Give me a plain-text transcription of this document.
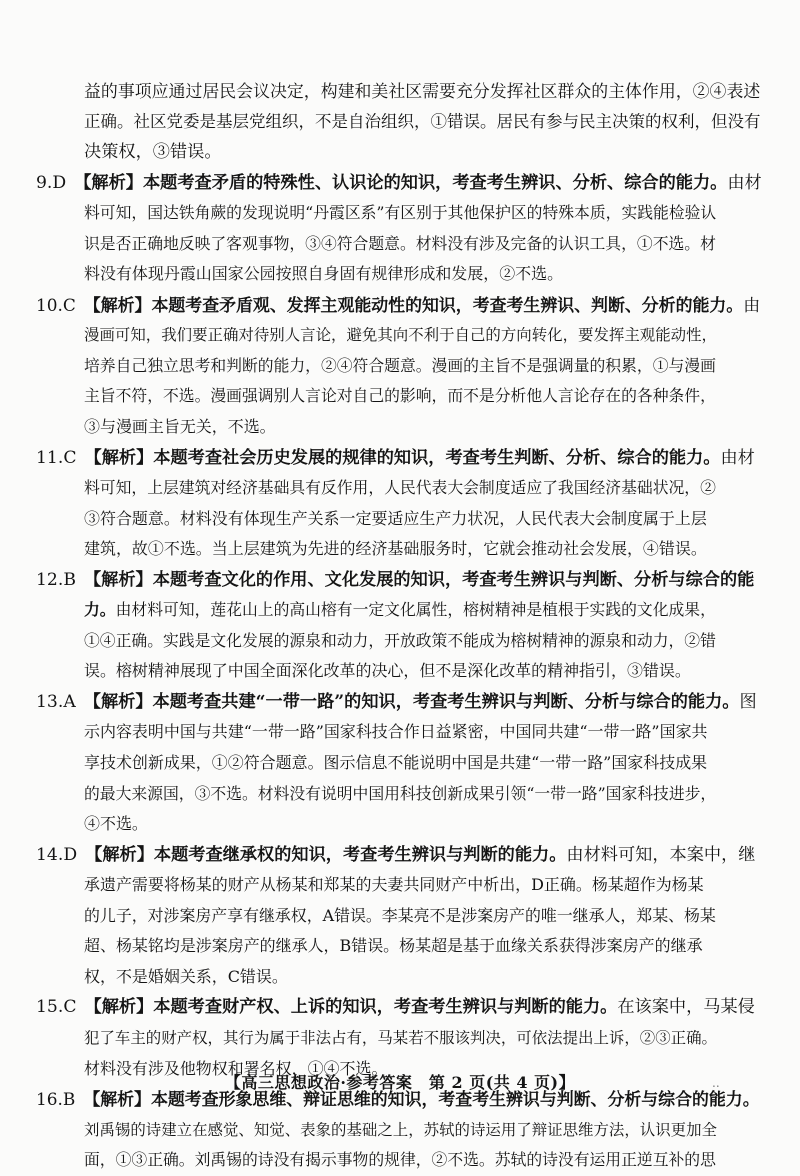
益的事项应通过居民会议决定，构建和美社区需要充分发挥社区群众的主体作用，②④表述
正确。社区党委是基层党组织，不是自治组织，①错误。居民有参与民主决策的权利，但没有
决策权，③错误。
9.D 【解析】本题考查矛盾的特殊性、认识论的知识，考查考生辨识、分析、综合的能力。由材
料可知，国达铁角蕨的发现说明“丹霞区系”有区别于其他保护区的特殊本质，实践能检验认
识是否正确地反映了客观事物，③④符合题意。材料没有涉及完备的认识工具，①不选。材
料没有体现丹霞山国家公园按照自身固有规律形成和发展，②不选。
10.C 【解析】本题考查矛盾观、发挥主观能动性的知识，考查考生辨识、判断、分析的能力。由
漫画可知，我们要正确对待别人言论，避免其向不利于自己的方向转化，要发挥主观能动性，
培养自己独立思考和判断的能力，②④符合题意。漫画的主旨不是强调量的积累，①与漫画
主旨不符，不选。漫画强调别人言论对自己的影响，而不是分析他人言论存在的各种条件，
③与漫画主旨无关，不选。
11.C 【解析】本题考查社会历史发展的规律的知识，考查考生判断、分析、综合的能力。由材
料可知，上层建筑对经济基础具有反作用，人民代表大会制度适应了我国经济基础状况，②
③符合题意。材料没有体现生产关系一定要适应生产力状况，人民代表大会制度属于上层
建筑，故①不选。当上层建筑为先进的经济基础服务时，它就会推动社会发展，④错误。
12.B 【解析】本题考查文化的作用、文化发展的知识，考查考生辨识与判断、分析与综合的能
力。由材料可知，莲花山上的高山榕有一定文化属性，榕树精神是植根于实践的文化成果，
①④正确。实践是文化发展的源泉和动力，开放政策不能成为榕树精神的源泉和动力，②错
误。榕树精神展现了中国全面深化改革的决心，但不是深化改革的精神指引，③错误。
13.A 【解析】本题考查共建“一带一路”的知识，考查考生辨识与判断、分析与综合的能力。图
示内容表明中国与共建“一带一路”国家科技合作日益紧密，中国同共建“一带一路”国家共
享技术创新成果，①②符合题意。图示信息不能说明中国是共建“一带一路”国家科技成果
的最大来源国，③不选。材料没有说明中国用科技创新成果引领“一带一路”国家科技进步，
④不选。
14.D 【解析】本题考查继承权的知识，考查考生辨识与判断的能力。由材料可知，本案中，继
承遗产需要将杨某的财产从杨某和郑某的夫妻共同财产中析出，D正确。杨某超作为杨某
的儿子，对涉案房产享有继承权，A错误。李某亮不是涉案房产的唯一继承人，郑某、杨某
超、杨某铭均是涉案房产的继承人，B错误。杨某超是基于血缘关系获得涉案房产的继承
权，不是婚姻关系，C错误。
15.C 【解析】本题考查财产权、上诉的知识，考查考生辨识与判断的能力。在该案中，马某侵
犯了车主的财产权，其行为属于非法占有，马某若不服该判决，可依法提出上诉，②③正确。
材料没有涉及他物权和署名权，①④不选。
16.B 【解析】本题考查形象思维、辩证思维的知识，考查考生辨识与判断、分析与综合的能力。
刘禹锡的诗建立在感觉、知觉、表象的基础之上，苏轼的诗运用了辩证思维方法，认识更加全
面，①③正确。刘禹锡的诗没有揭示事物的规律，②不选。苏轼的诗没有运用正逆互补的思
【高三思想政治·参考答案　第 2 页(共 4 页)】	..
